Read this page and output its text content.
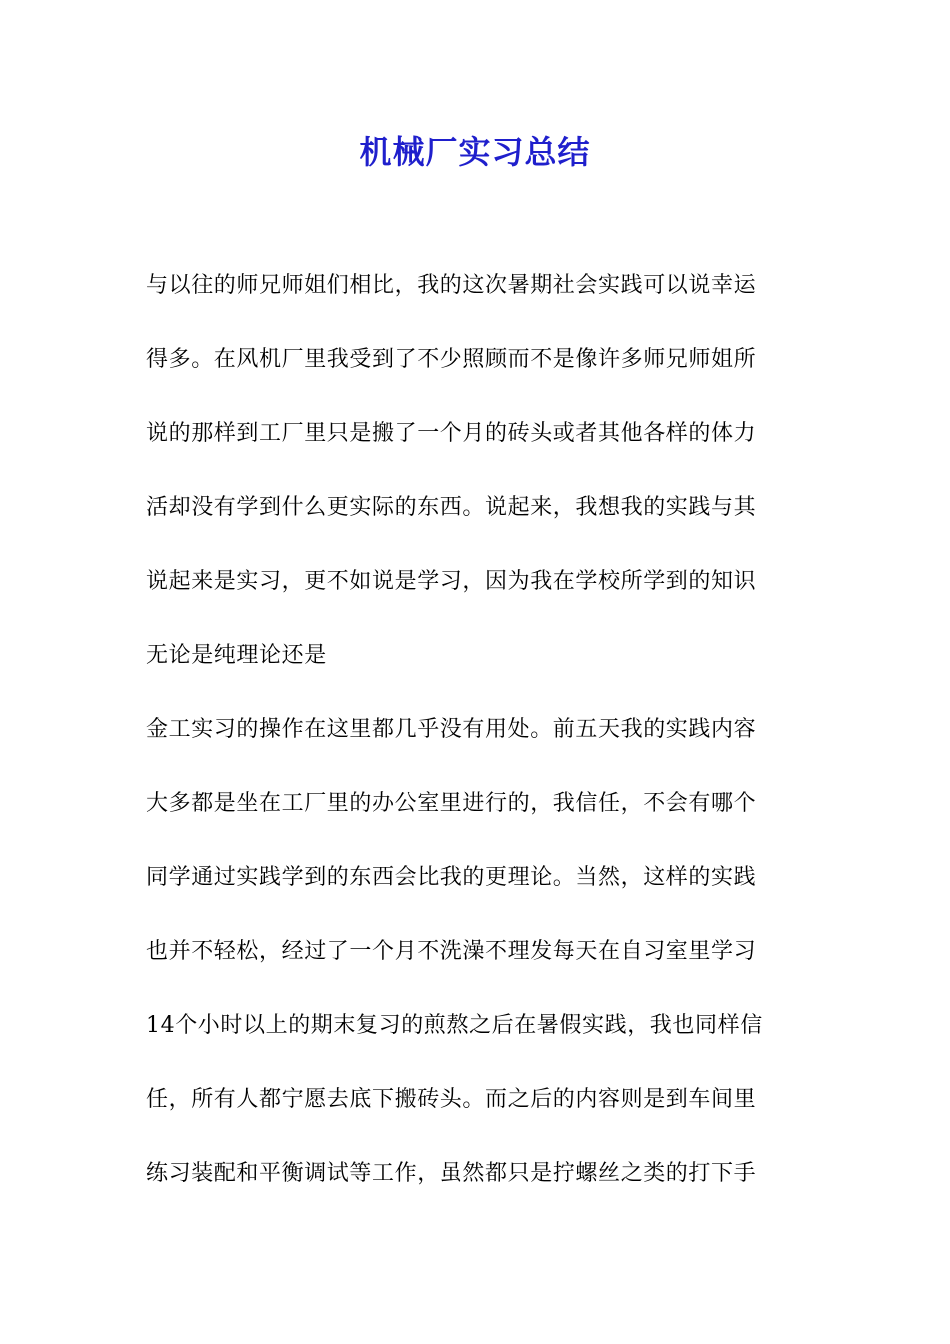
机械厂实习总结

与以往的师兄师姐们相比，我的这次暑期社会实践可以说幸运

得多。在风机厂里我受到了不少照顾而不是像许多师兄师姐所

说的那样到工厂里只是搬了一个月的砖头或者其他各样的体力

活却没有学到什么更实际的东西。说起来，我想我的实践与其

说起来是实习，更不如说是学习，因为我在学校所学到的知识

无论是纯理论还是

金工实习的操作在这里都几乎没有用处。前五天我的实践内容

大多都是坐在工厂里的办公室里进行的，我信任，不会有哪个

同学通过实践学到的东西会比我的更理论。当然，这样的实践

也并不轻松，经过了一个月不洗澡不理发每天在自习室里学习

14个小时以上的期末复习的煎熬之后在暑假实践，我也同样信

任，所有人都宁愿去底下搬砖头。而之后的内容则是到车间里

练习装配和平衡调试等工作，虽然都只是拧螺丝之类的打下手
